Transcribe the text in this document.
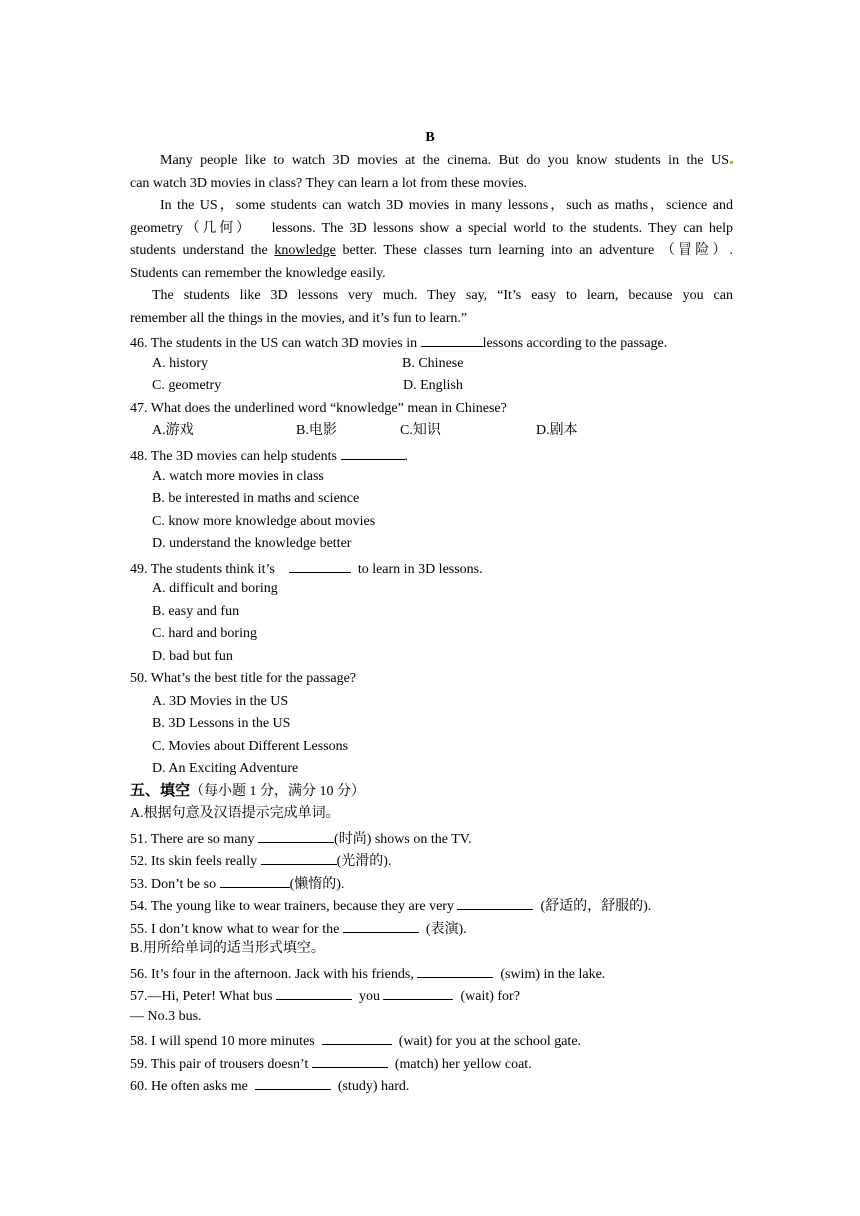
B
Many people like to watch 3D movies at the cinema. But do you know students in the US
can watch 3D movies in class? They can learn a lot from these movies.
In the US，some students can watch 3D movies in many lessons，such as maths，science and
geometry（几何） lessons. The 3D lessons show a special world to the students. They can help
students understand the knowledge better. These classes turn learning into an adventure （冒险）.
Students can remember the knowledge easily.
The students like 3D lessons very much. They say, “It’s easy to learn, because you can
remember all the things in the movies, and it’s fun to learn.”
46. The students in the US can watch 3D movies in	lessons according to the passage.
A. history	B. Chinese
C. geometry	D. English
47. What does the underlined word “knowledge” mean in Chinese?
A.游戏	B.电影	C.知识	D.剧本
48. The 3D movies can help students	.
A. watch more movies in class
B. be interested in maths and science
C. know more knowledge about movies
D. understand the knowledge better
49. The students think it’s	to learn in 3D lessons.
A. difficult and boring
B. easy and fun
C. hard and boring
D. bad but fun
50. What’s the best title for the passage?
A. 3D Movies in the US
B. 3D Lessons in the US
C. Movies about Different Lessons
D. An Exciting Adventure
五、填空（每小题 1 分，满分 10 分）
A.根据句意及汉语提示完成单词。
51. There are so many	(时尚) shows on the TV.
52. Its skin feels really	(光滑的).
53. Don’t be so	(懒惰的).
54. The young like to wear trainers, because they are very	(舒适的，舒服的).
55. I don’t know what to wear for the	(表演).
B.用所给单词的适当形式填空。
56. It’s four in the afternoon. Jack with his friends,	(swim) in the lake.
57.—Hi, Peter! What bus	you	(wait) for?
— No.3 bus.
58. I will spend 10 more minutes	(wait) for you at the school gate.
59. This pair of trousers doesn’t	(match) her yellow coat.
60. He often asks me	(study) hard.
